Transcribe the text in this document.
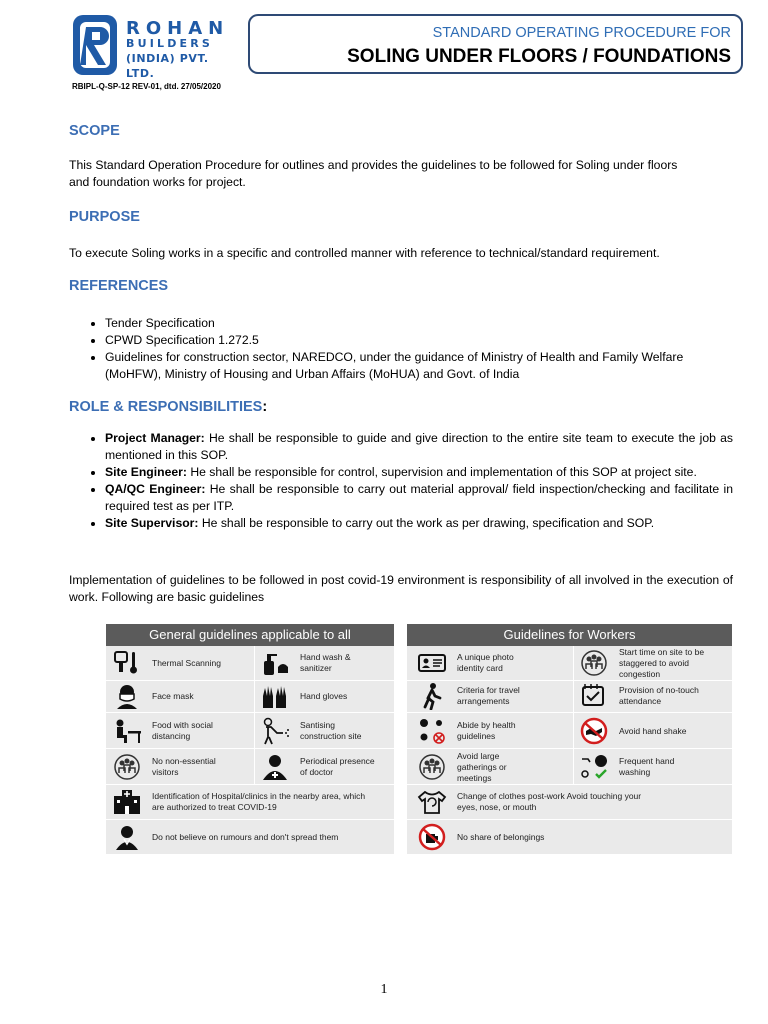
ROHAN
BUILDERS
(INDIA) PVT. LTD.
RBIPL-Q-SP-12 REV-01, dtd. 27/05/2020
STANDARD OPERATING PROCEDURE FOR
SOLING UNDER FLOORS / FOUNDATIONS
SCOPE

This Standard Operation Procedure for outlines and provides the guidelines to be followed for Soling under floors and foundation works for project.

PURPOSE

To execute Soling works in a specific and controlled manner with reference to technical/standard requirement.

REFERENCES
• Tender Specification
• CPWD Specification 1.272.5
• Guidelines for construction sector, NAREDCO, under the guidance of Ministry of Health and Family Welfare (MoHFW), Ministry of Housing and Urban Affairs (MoHUA) and Govt. of India
ROLE & RESPONSIBILITIES:
• Project Manager: He shall be responsible to guide and give direction to the entire site team to execute the job as mentioned in this SOP.
• Site Engineer: He shall be responsible for control, supervision and implementation of this SOP at project site.
• QA/QC Engineer: He shall be responsible to carry out material approval/ field inspection/checking and facilitate in required test as per ITP.
• Site Supervisor: He shall be responsible to carry out the work as per drawing, specification and SOP.

Implementation of guidelines to be followed in post covid-19 environment is responsibility of all involved in the execution of work. Following are basic guidelines

General guidelines applicable to all
Thermal Scanning
Hand wash & sanitizer
Face mask	Hand gloves
Food with social distancing
Santising construction site
No non-essential visitors
Periodical presence of doctor
Identification of Hospital/clinics in the nearby area, which are authorized to treat COVID-19
Do not believe on rumours and don't spread them
Guidelines for Workers
A unique photo identity card
Start time on site to be staggered to avoid congestion
Criteria for travel arrangements
Provision of no-touch attendance
Abide by health guidelines
Avoid hand shake
Avoid large gatherings or meetings
Frequent hand washing
Change of clothes post-work Avoid touching your eyes, nose, or mouth
No share of belongings
1
